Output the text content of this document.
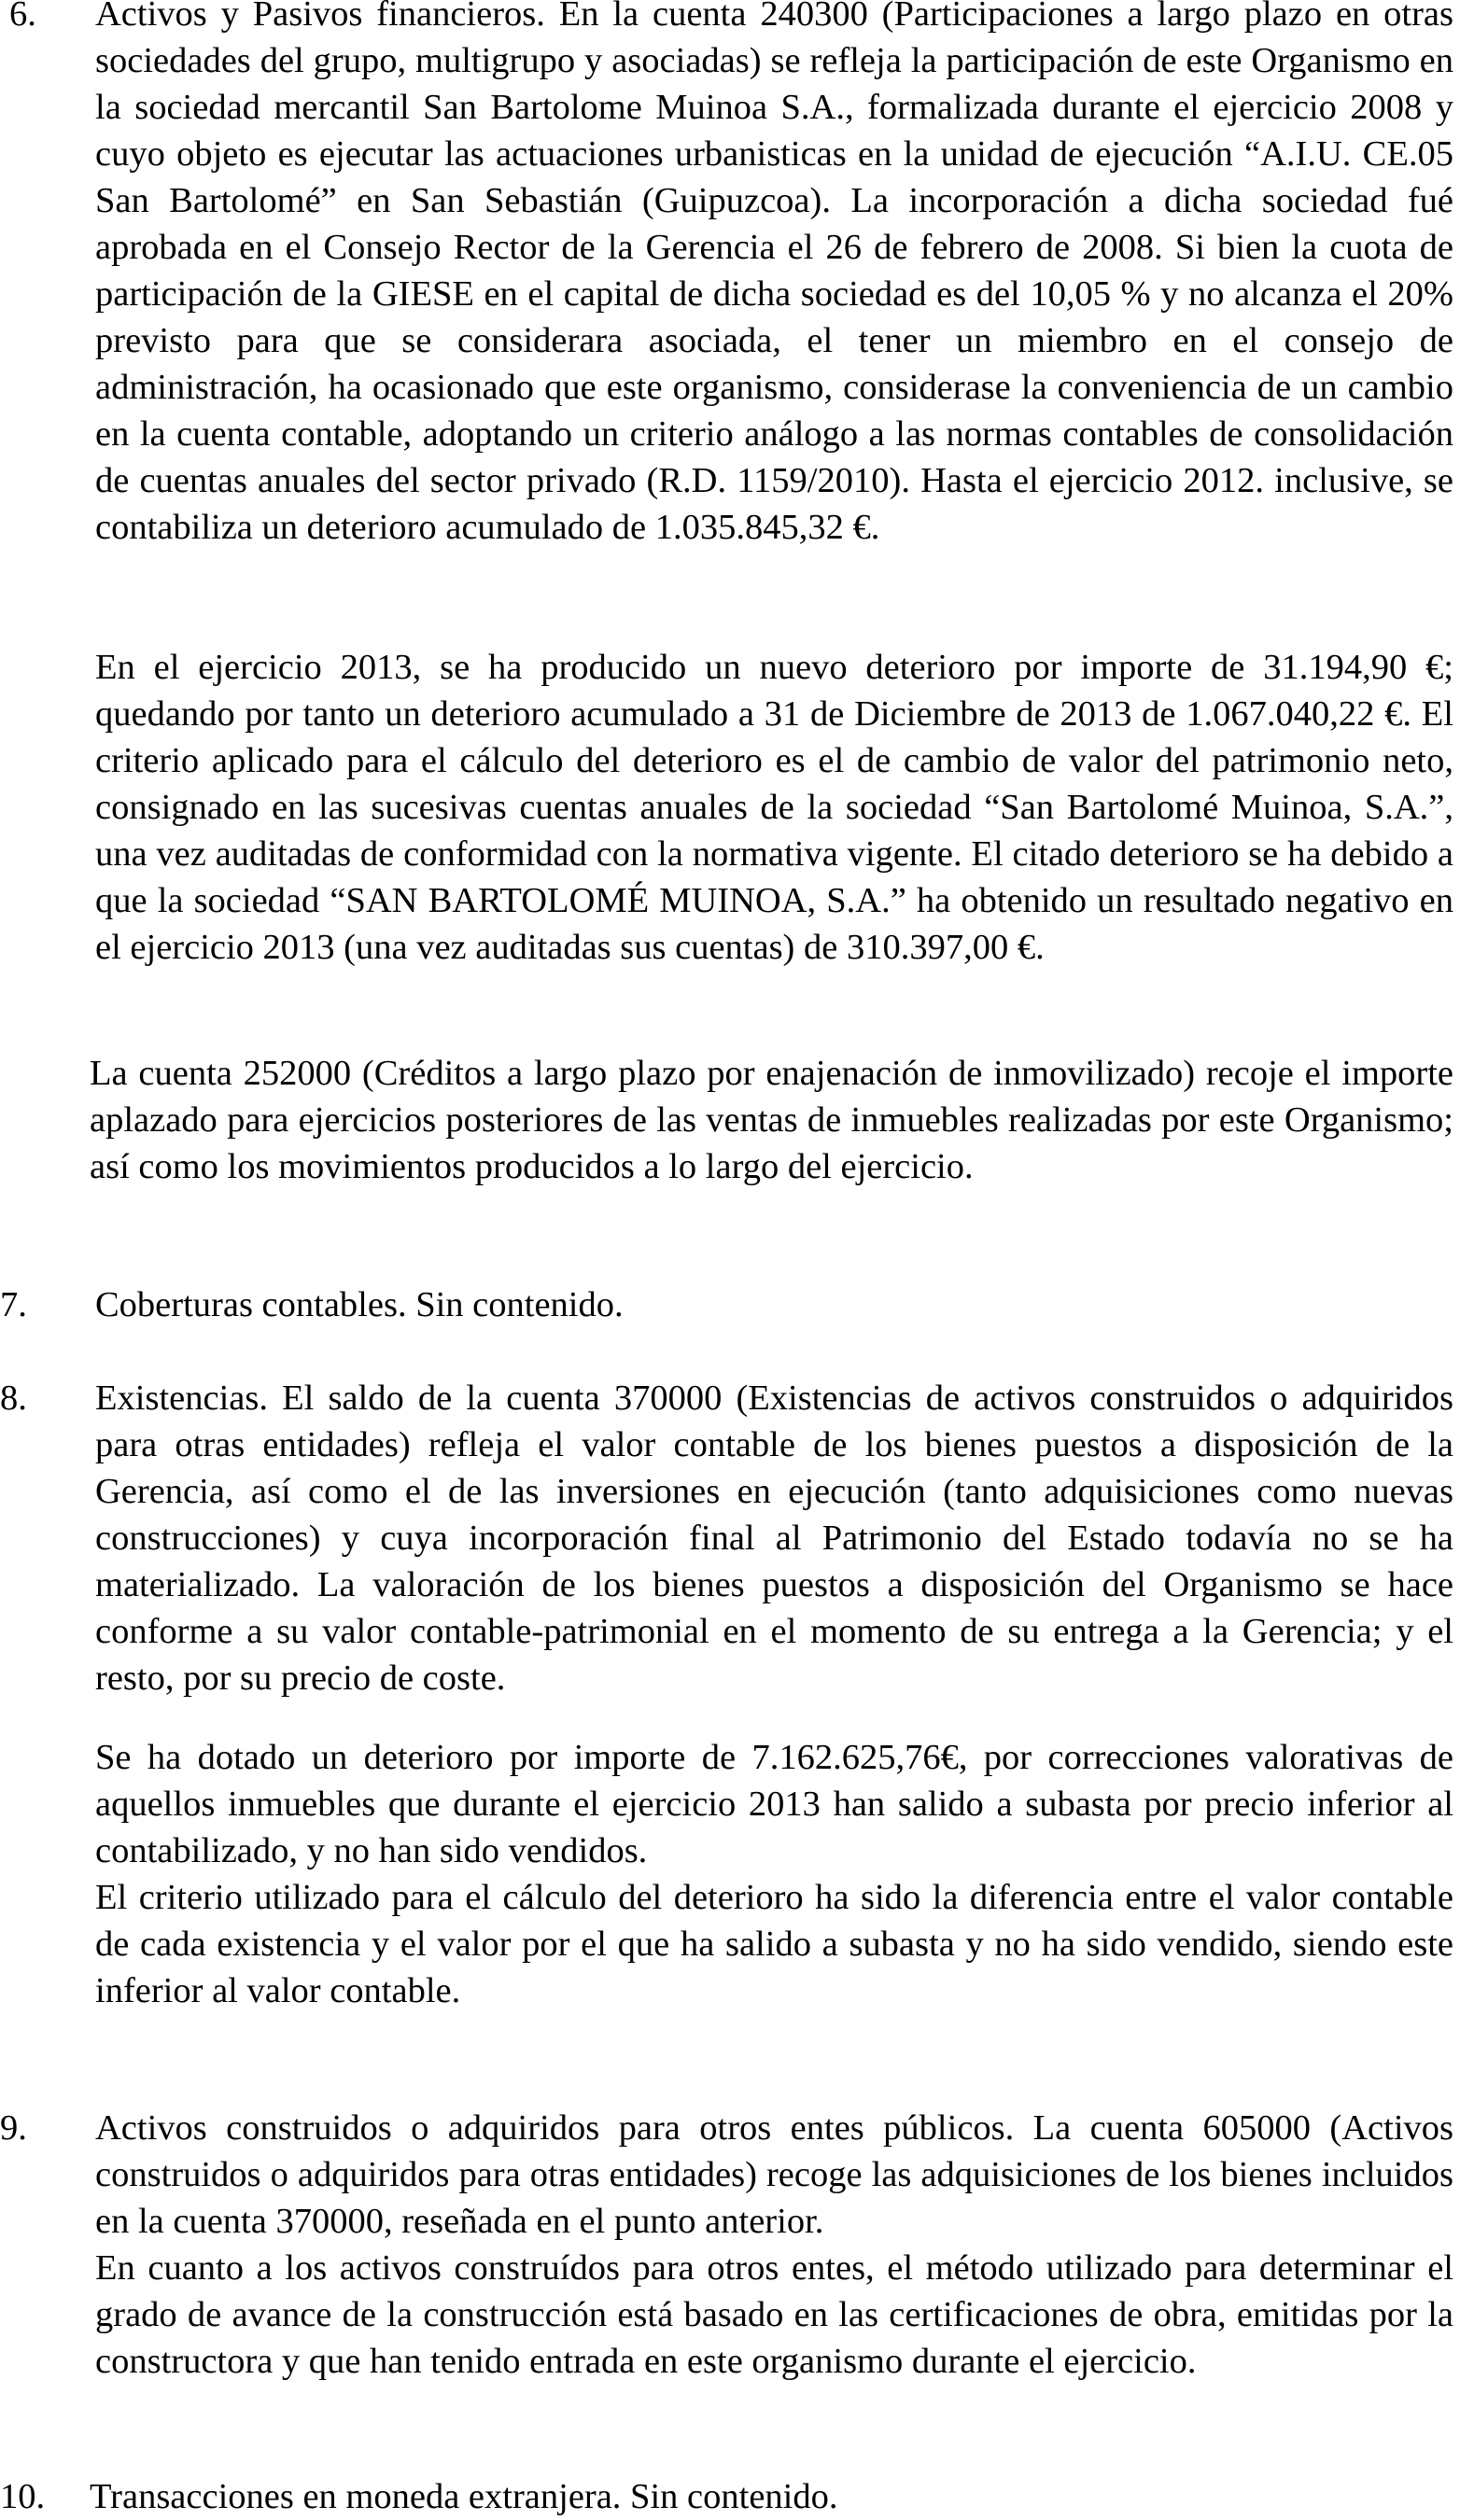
6. Activos y Pasivos financieros. En la cuenta 240300 (Participaciones a largo plazo en otras sociedades del grupo, multigrupo y asociadas) se refleja la participación de este Organismo en la sociedad mercantil San Bartolome Muinoa S.A., formalizada durante el ejercicio 2008 y cuyo objeto es ejecutar las actuaciones urbanisticas en la unidad de ejecución “A.I.U. CE.05 San Bartolomé” en San Sebastián (Guipuzcoa). La incorporación a dicha sociedad fué aprobada en el Consejo Rector de la Gerencia el 26 de febrero de 2008. Si bien la cuota de participación de la GIESE en el capital de dicha sociedad es del 10,05 % y no alcanza el 20% previsto para que se considerara asociada, el tener un miembro en el consejo de administración, ha ocasionado que este organismo, considerase la conveniencia de un cambio en la cuenta contable, adoptando un criterio análogo a las normas contables de consolidación de cuentas anuales del sector privado (R.D. 1159/2010). Hasta el ejercicio 2012. inclusive, se contabiliza un deterioro acumulado de 1.035.845,32 €.

En el ejercicio 2013, se ha producido un nuevo deterioro por importe de 31.194,90 €; quedando por tanto un deterioro acumulado a 31 de Diciembre de 2013 de 1.067.040,22 €. El criterio aplicado para el cálculo del deterioro es el de cambio de valor del patrimonio neto, consignado en las sucesivas cuentas anuales de la sociedad “San Bartolomé Muinoa, S.A.”, una vez auditadas de conformidad con la normativa vigente. El citado deterioro se ha debido a que la sociedad “SAN BARTOLOMÉ MUINOA, S.A.” ha obtenido un resultado negativo en el ejercicio 2013 (una vez auditadas sus cuentas) de 310.397,00 €.

La cuenta 252000 (Créditos a largo plazo por enajenación de inmovilizado) recoje el importe aplazado para ejercicios posteriores de las ventas de inmuebles realizadas por este Organismo; así como los movimientos producidos a lo largo del ejercicio.

7. Coberturas contables. Sin contenido.

8. Existencias. El saldo de la cuenta 370000 (Existencias de activos construidos o adquiridos para otras entidades) refleja el valor contable de los bienes puestos a disposición de la Gerencia, así como el de las inversiones en ejecución (tanto adquisiciones como nuevas construcciones) y cuya incorporación final al Patrimonio del Estado todavía no se ha materializado. La valoración de los bienes puestos a disposición del Organismo se hace conforme a su valor contable-patrimonial en el momento de su entrega a la Gerencia; y el resto, por su precio de coste.

Se ha dotado un deterioro por importe de 7.162.625,76€, por correcciones valorativas de aquellos inmuebles que durante el ejercicio 2013 han salido a subasta por precio inferior al contabilizado, y no han sido vendidos.

El criterio utilizado para el cálculo del deterioro ha sido la diferencia entre el valor contable de cada existencia y el valor por el que ha salido a subasta y no ha sido vendido, siendo este inferior al valor contable.

9. Activos construidos o adquiridos para otros entes públicos. La cuenta 605000 (Activos construidos o adquiridos para otras entidades) recoge las adquisiciones de los bienes incluidos en la cuenta 370000, reseñada en el punto anterior.

En cuanto a los activos construídos para otros entes, el método utilizado para determinar el grado de avance de la construcción está basado en las certificaciones de obra, emitidas por la constructora y que han tenido entrada en este organismo durante el ejercicio.

10. Transacciones en moneda extranjera. Sin contenido.
